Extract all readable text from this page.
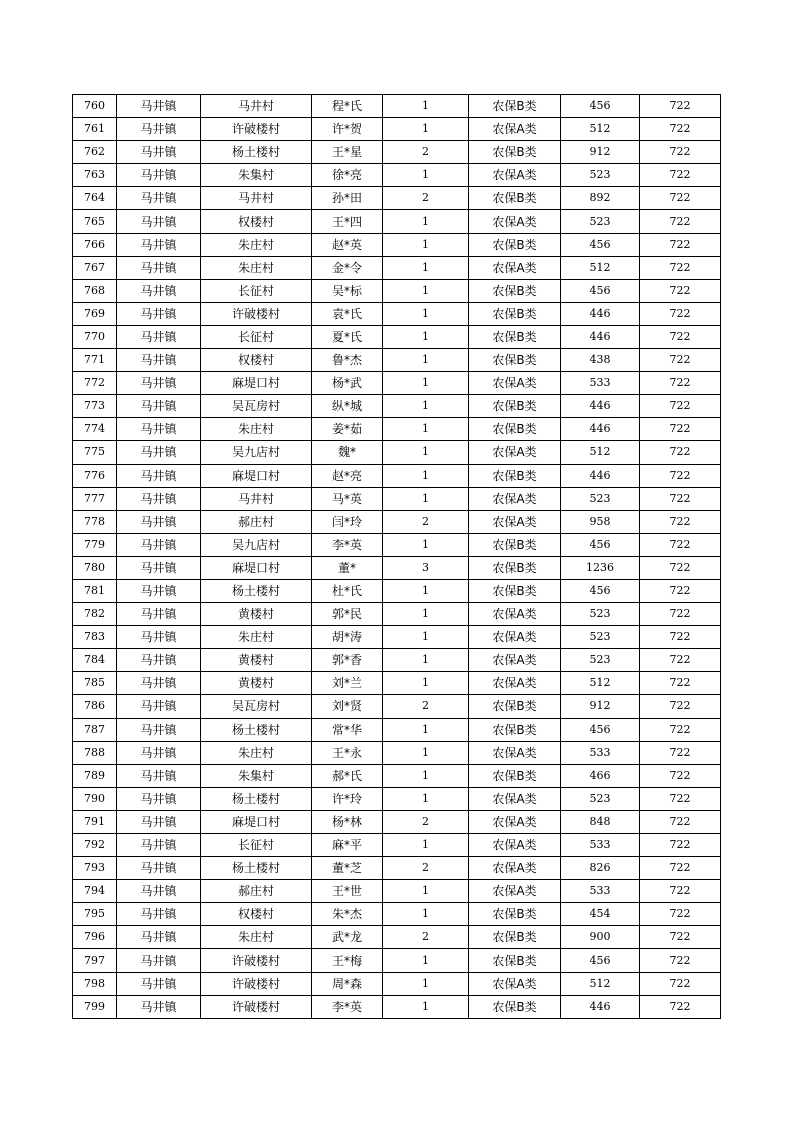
760	马井镇	马井村	程*氏	1	农保B类	456	722
761	马井镇	许破楼村	许*贺	1	农保A类	512	722
762	马井镇	杨土楼村	王*星	2	农保B类	912	722
763	马井镇	朱集村	徐*亮	1	农保A类	523	722
764	马井镇	马井村	孙*田	2	农保B类	892	722
765	马井镇	权楼村	王*四	1	农保A类	523	722
766	马井镇	朱庄村	赵*英	1	农保B类	456	722
767	马井镇	朱庄村	金*令	1	农保A类	512	722
768	马井镇	长征村	吴*标	1	农保B类	456	722
769	马井镇	许破楼村	袁*氏	1	农保B类	446	722
770	马井镇	长征村	夏*氏	1	农保B类	446	722
771	马井镇	权楼村	鲁*杰	1	农保B类	438	722
772	马井镇	麻堤口村	杨*武	1	农保A类	533	722
773	马井镇	吴瓦房村	纵*城	1	农保B类	446	722
774	马井镇	朱庄村	姜*茹	1	农保B类	446	722
775	马井镇	吴九店村	魏*	1	农保A类	512	722
776	马井镇	麻堤口村	赵*亮	1	农保B类	446	722
777	马井镇	马井村	马*英	1	农保A类	523	722
778	马井镇	郝庄村	闫*玲	2	农保A类	958	722
779	马井镇	吴九店村	李*英	1	农保B类	456	722
780	马井镇	麻堤口村	董*	3	农保B类	1236	722
781	马井镇	杨土楼村	杜*氏	1	农保B类	456	722
782	马井镇	黄楼村	郭*民	1	农保A类	523	722
783	马井镇	朱庄村	胡*涛	1	农保A类	523	722
784	马井镇	黄楼村	郭*香	1	农保A类	523	722
785	马井镇	黄楼村	刘*兰	1	农保A类	512	722
786	马井镇	吴瓦房村	刘*贤	2	农保B类	912	722
787	马井镇	杨土楼村	常*华	1	农保B类	456	722
788	马井镇	朱庄村	王*永	1	农保A类	533	722
789	马井镇	朱集村	郝*氏	1	农保B类	466	722
790	马井镇	杨土楼村	许*玲	1	农保A类	523	722
791	马井镇	麻堤口村	杨*林	2	农保A类	848	722
792	马井镇	长征村	麻*平	1	农保A类	533	722
793	马井镇	杨土楼村	董*芝	2	农保A类	826	722
794	马井镇	郝庄村	王*世	1	农保A类	533	722
795	马井镇	权楼村	朱*杰	1	农保B类	454	722
796	马井镇	朱庄村	武*龙	2	农保B类	900	722
797	马井镇	许破楼村	王*梅	1	农保B类	456	722
798	马井镇	许破楼村	周*森	1	农保A类	512	722
799	马井镇	许破楼村	李*英	1	农保B类	446	722
